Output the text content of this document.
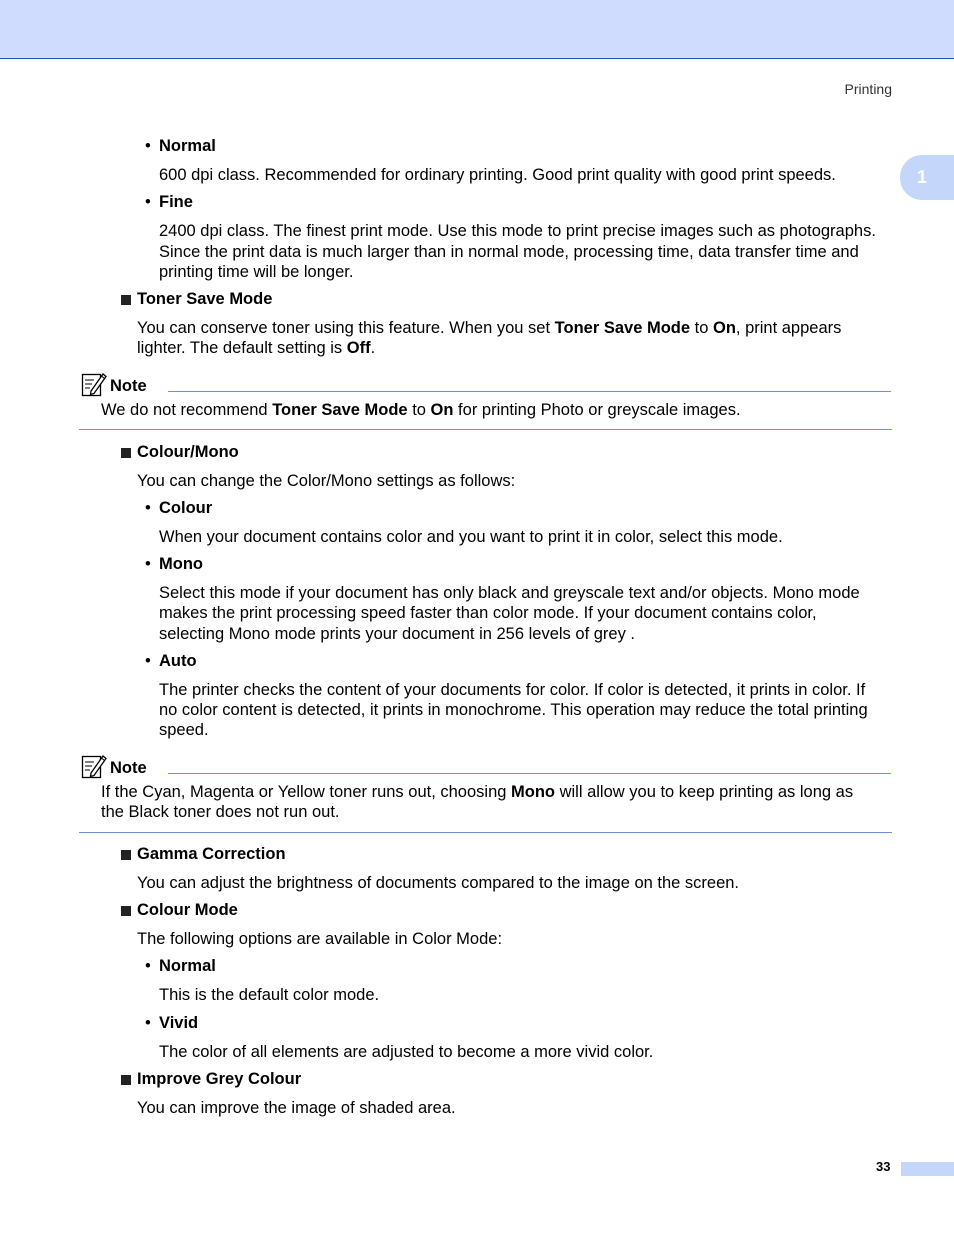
1
Printing
• Normal
600 dpi class. Recommended for ordinary printing. Good print quality with good print speeds.
• Fine
2400 dpi class. The finest print mode. Use this mode to print precise images such as photographs.
Since the print data is much larger than in normal mode, processing time, data transfer time and
printing time will be longer.
Toner Save Mode
You can conserve toner using this feature. When you set Toner Save Mode to On, print appears
lighter. The default setting is Off.
Note
We do not recommend Toner Save Mode to On for printing Photo or greyscale images.
Colour/Mono
You can change the Color/Mono settings as follows:
• Colour
When your document contains color and you want to print it in color, select this mode.
• Mono
Select this mode if your document has only black and greyscale text and/or objects. Mono mode
makes the print processing speed faster than color mode. If your document contains color,
selecting Mono mode prints your document in 256 levels of grey .
• Auto
The printer checks the content of your documents for color. If color is detected, it prints in color. If
no color content is detected, it prints in monochrome. This operation may reduce the total printing
speed.
Note
If the Cyan, Magenta or Yellow toner runs out, choosing Mono will allow you to keep printing as long as
the Black toner does not run out.
Gamma Correction
You can adjust the brightness of documents compared to the image on the screen.
Colour Mode
The following options are available in Color Mode:
• Normal
This is the default color mode.
• Vivid
The color of all elements are adjusted to become a more vivid color.
Improve Grey Colour
You can improve the image of shaded area.
33
